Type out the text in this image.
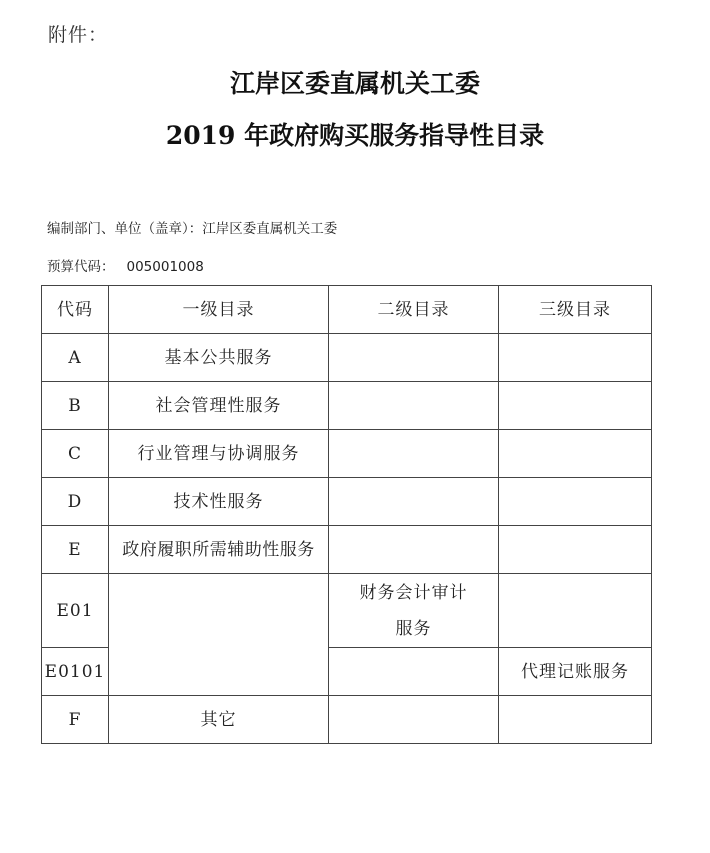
附件：
江岸区委直属机关工委
2019 年政府购买服务指导性目录
编制部门、单位（盖章）：江岸区委直属机关工委
预算代码： 005001008
代码	一级目录	二级目录	三级目录
A	基本公共服务		
B	社会管理性服务		
C	行业管理与协调服务		
D	技术性服务		
E	政府履职所需辅助性服务		
E01		财务会计审计
服务	

E0101			代理记账服务
F	其它		
